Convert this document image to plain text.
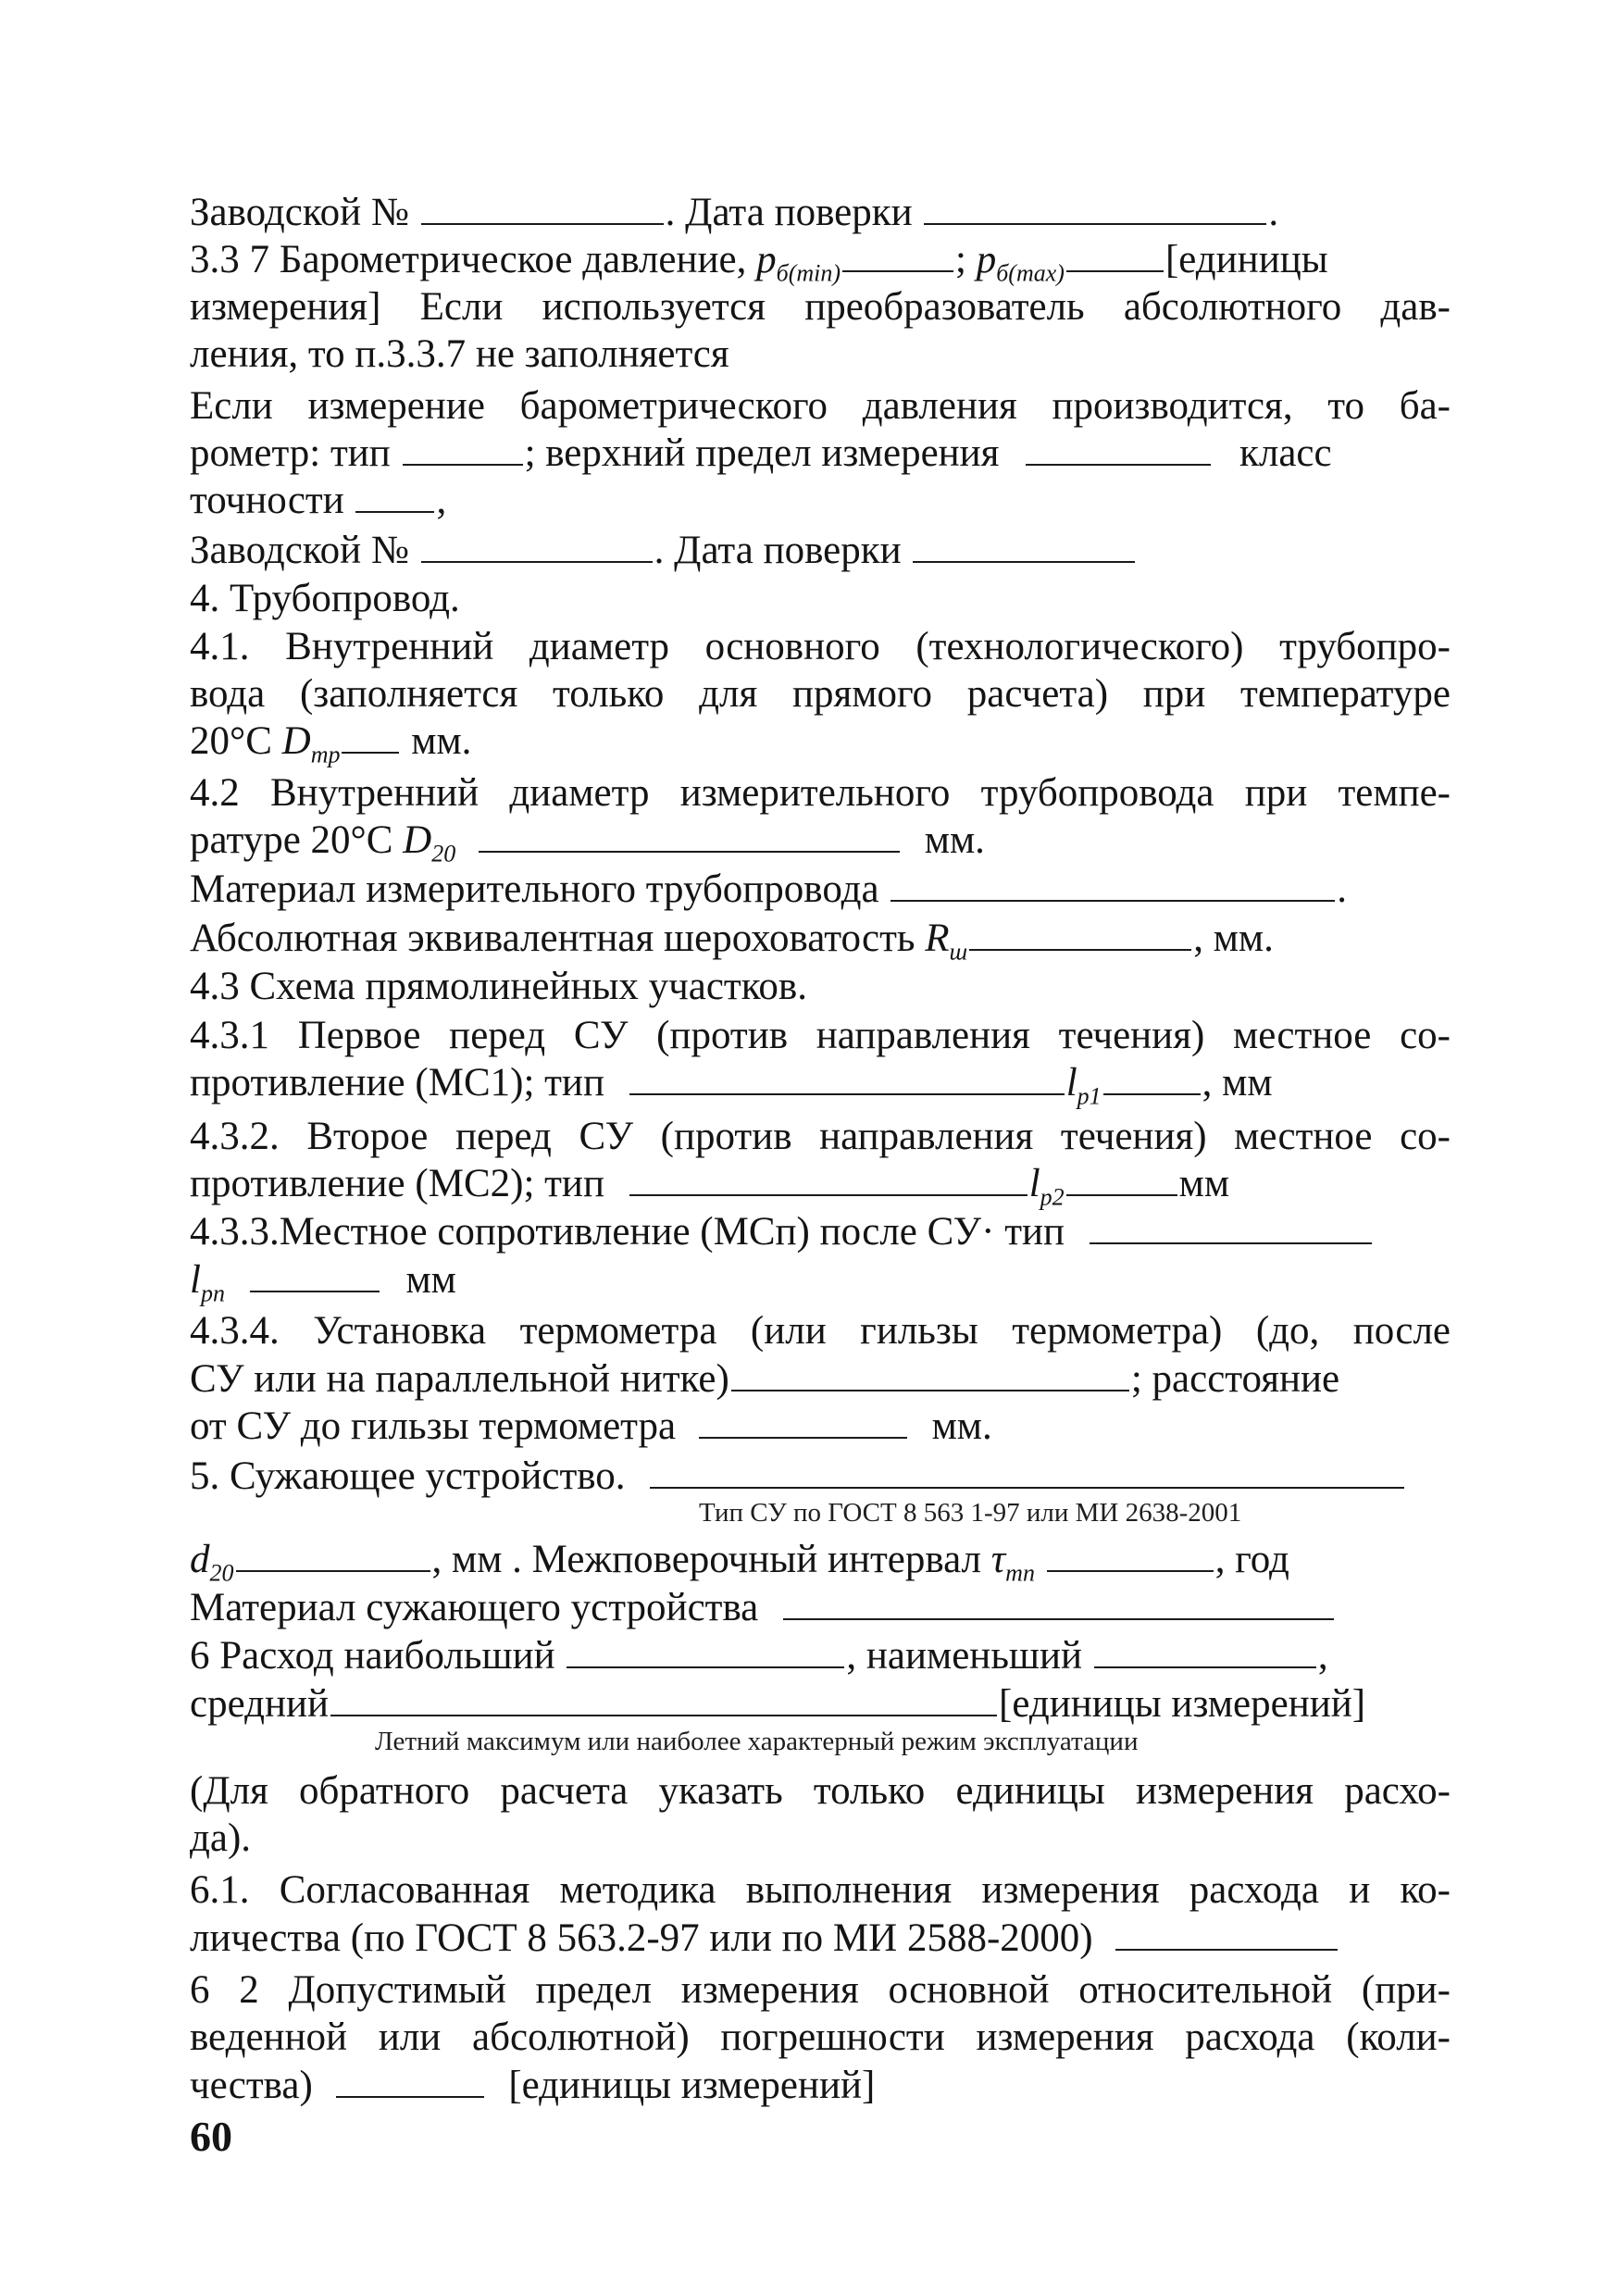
Заводской №	. Дата поверки	.
3.3 7 Барометрическое давление, $p_{б(min)}$	; $p_{б(max)}$	[единицы
измерения] Если используется преобразователь абсолютного дав-
ления, то п.3.3.7 не заполняется
Если измерение барометрического давления производится, то ба-
рометр: тип	; верхний предел измерения	класс
точности ,
Заводской №	. Дата поверки
4. Трубопровод.
4.1. Внутренний диаметр основного (технологического) трубопро-
вода (заполняется только для прямого расчета) при температуре
20°С $D_{тр}$ мм.
4.2 Внутренний диаметр измерительного трубопровода при темпе-
ратуре 20°С $D_{20}$	мм.
Материал измерительного трубопровода	.
Абсолютная эквивалентная шероховатость $R_ш$	, мм.
4.3 Схема прямолинейных участков.
4.3.1 Первое перед СУ (против направления течения) местное со-
противление (МС1); тип	$l_{р1}$	, мм
4.3.2. Второе перед СУ (против направления течения) местное со-
противление (МС2); тип	$l_{р2}$	мм
4.3.3.Местное сопротивление (МСп) после СУ· тип
$l_{рп}$	мм
4.3.4. Установка термометра (или гильзы термометра) (до, после
СУ или на параллельной нитке)	; расстояние
от СУ до гильзы термометра	мм.
5. Сужающее устройство.
Тип СУ по ГОСТ 8 563 1-97 или МИ 2638-2001
$d_{20}$	, мм . Межповерочный интервал $\tau_{тп}$	, год
Материал сужающего устройства
6 Расход наибольший	, наименьший	,
средний	[единицы измерений]
Летний максимум или наиболее характерный режим эксплуатации
(Для обратного расчета указать только единицы измерения расхо-
да).
6.1. Согласованная методика выполнения измерения расхода и ко-
личества (по ГОСТ 8 563.2-97 или по МИ 2588-2000)
6 2 Допустимый предел измерения основной относительной (при-
веденной или абсолютной) погрешности измерения расхода (коли-
чества)	[единицы измерений]
60
